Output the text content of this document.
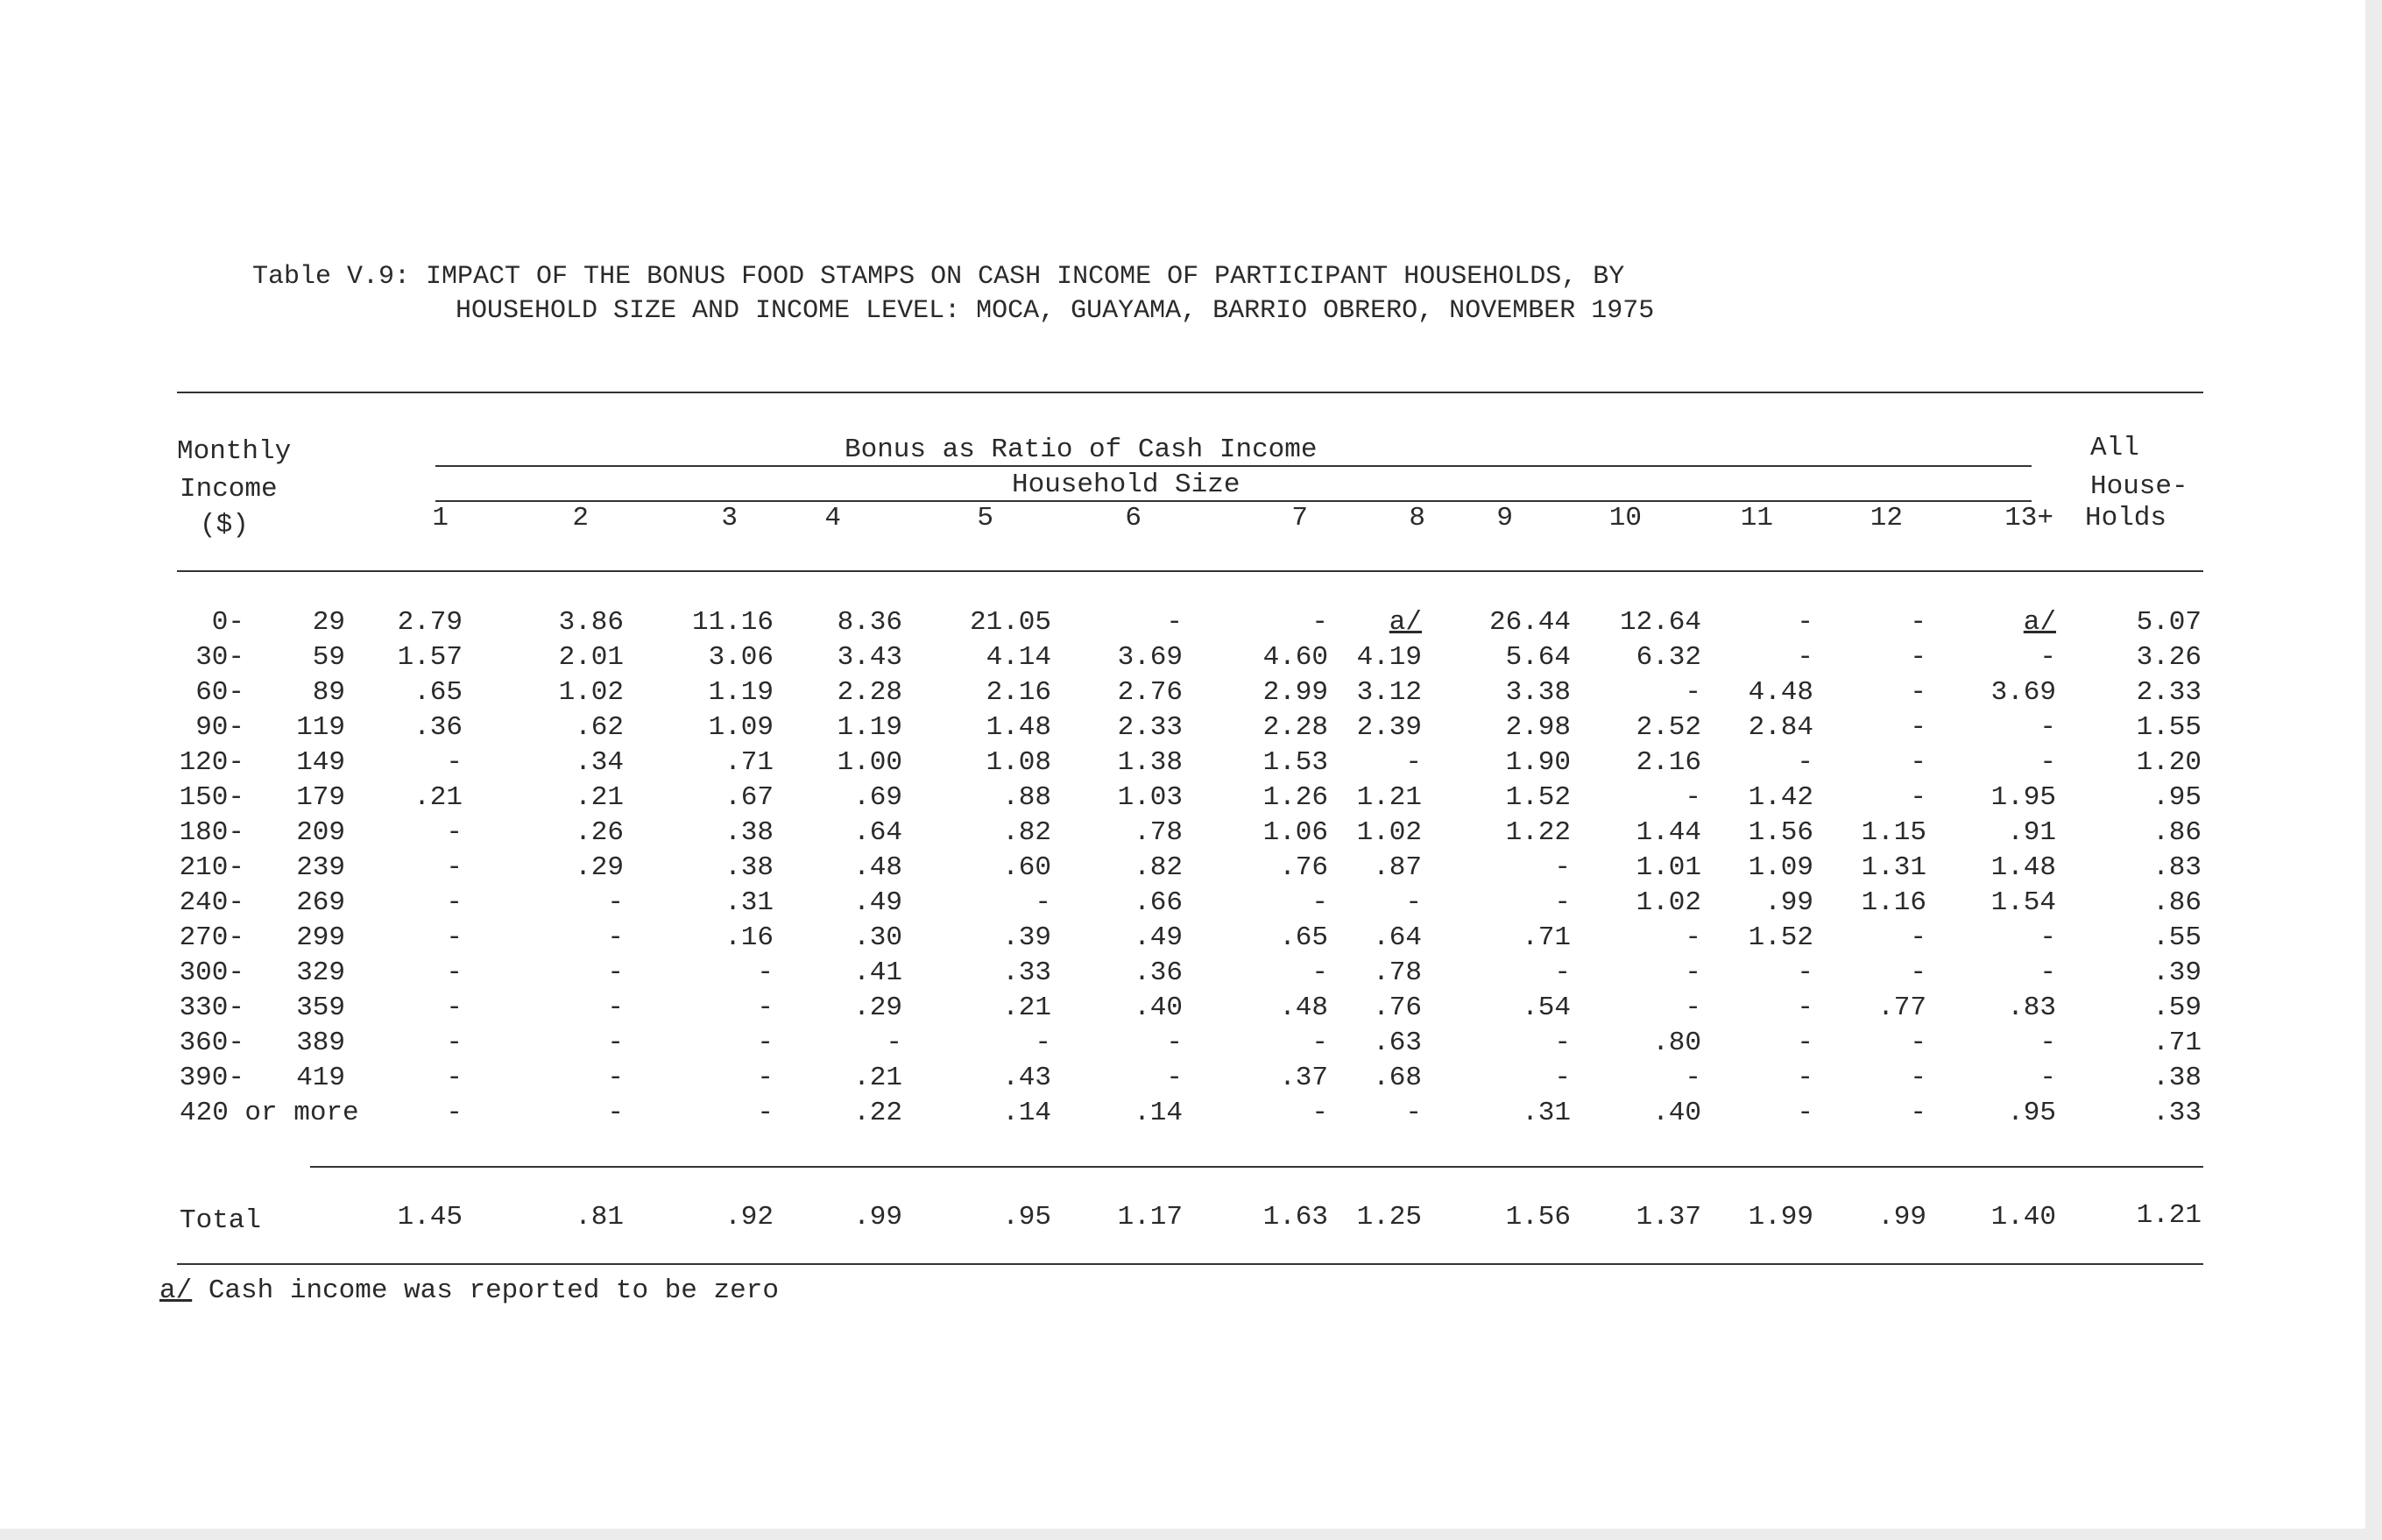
Table V.9: IMPACT OF THE BONUS FOOD STAMPS ON CASH INCOME OF PARTICIPANT HOUSEHOLDS, BY
HOUSEHOLD SIZE AND INCOME LEVEL: MOCA, GUAYAMA, BARRIO OBRERO, NOVEMBER 1975
Monthly
Income
($)
Bonus as Ratio of Cash Income
Household Size
All
House-
Holds
1	2	3	4	5	6	7	8	9	10	11	12	13+
0-	29	2.79	3.86	11.16	8.36	21.05	-	-	a/	26.44	12.64	-	-	a/	5.07
30-	59	1.57	2.01	3.06	3.43	4.14	3.69	4.60	4.19	5.64	6.32	-	-	-	3.26
60-	89	.65	1.02	1.19	2.28	2.16	2.76	2.99	3.12	3.38	-	4.48	-	3.69	2.33
90-	119	.36	.62	1.09	1.19	1.48	2.33	2.28	2.39	2.98	2.52	2.84	-	-	1.55
120-	149	-	.34	.71	1.00	1.08	1.38	1.53	-	1.90	2.16	-	-	-	1.20
150-	179	.21	.21	.67	.69	.88	1.03	1.26	1.21	1.52	-	1.42	-	1.95	.95
180-	209	-	.26	.38	.64	.82	.78	1.06	1.02	1.22	1.44	1.56	1.15	.91	.86
210-	239	-	.29	.38	.48	.60	.82	.76	.87	-	1.01	1.09	1.31	1.48	.83
240-	269	-	-	.31	.49	-	.66	-	-	-	1.02	.99	1.16	1.54	.86
270-	299	-	-	.16	.30	.39	.49	.65	.64	.71	-	1.52	-	-	.55
300-	329	-	-	-	.41	.33	.36	-	.78	-	-	-	-	-	.39
330-	359	-	-	-	.29	.21	.40	.48	.76	.54	-	-	.77	.83	.59
360-	389	-	-	-	-	-	-	-	.63	-	.80	-	-	-	.71
390-	419	-	-	-	.21	.43	-	.37	.68	-	-	-	-	-	.38
420 or more	-	-	-	.22	.14	.14	-	-	.31	.40	-	-	.95	.33
Total	1.45	.81	.92	.99	.95	1.17	1.63	1.25	1.56	1.37	1.99	.99	1.40	1.21
a/ Cash income was reported to be zero
